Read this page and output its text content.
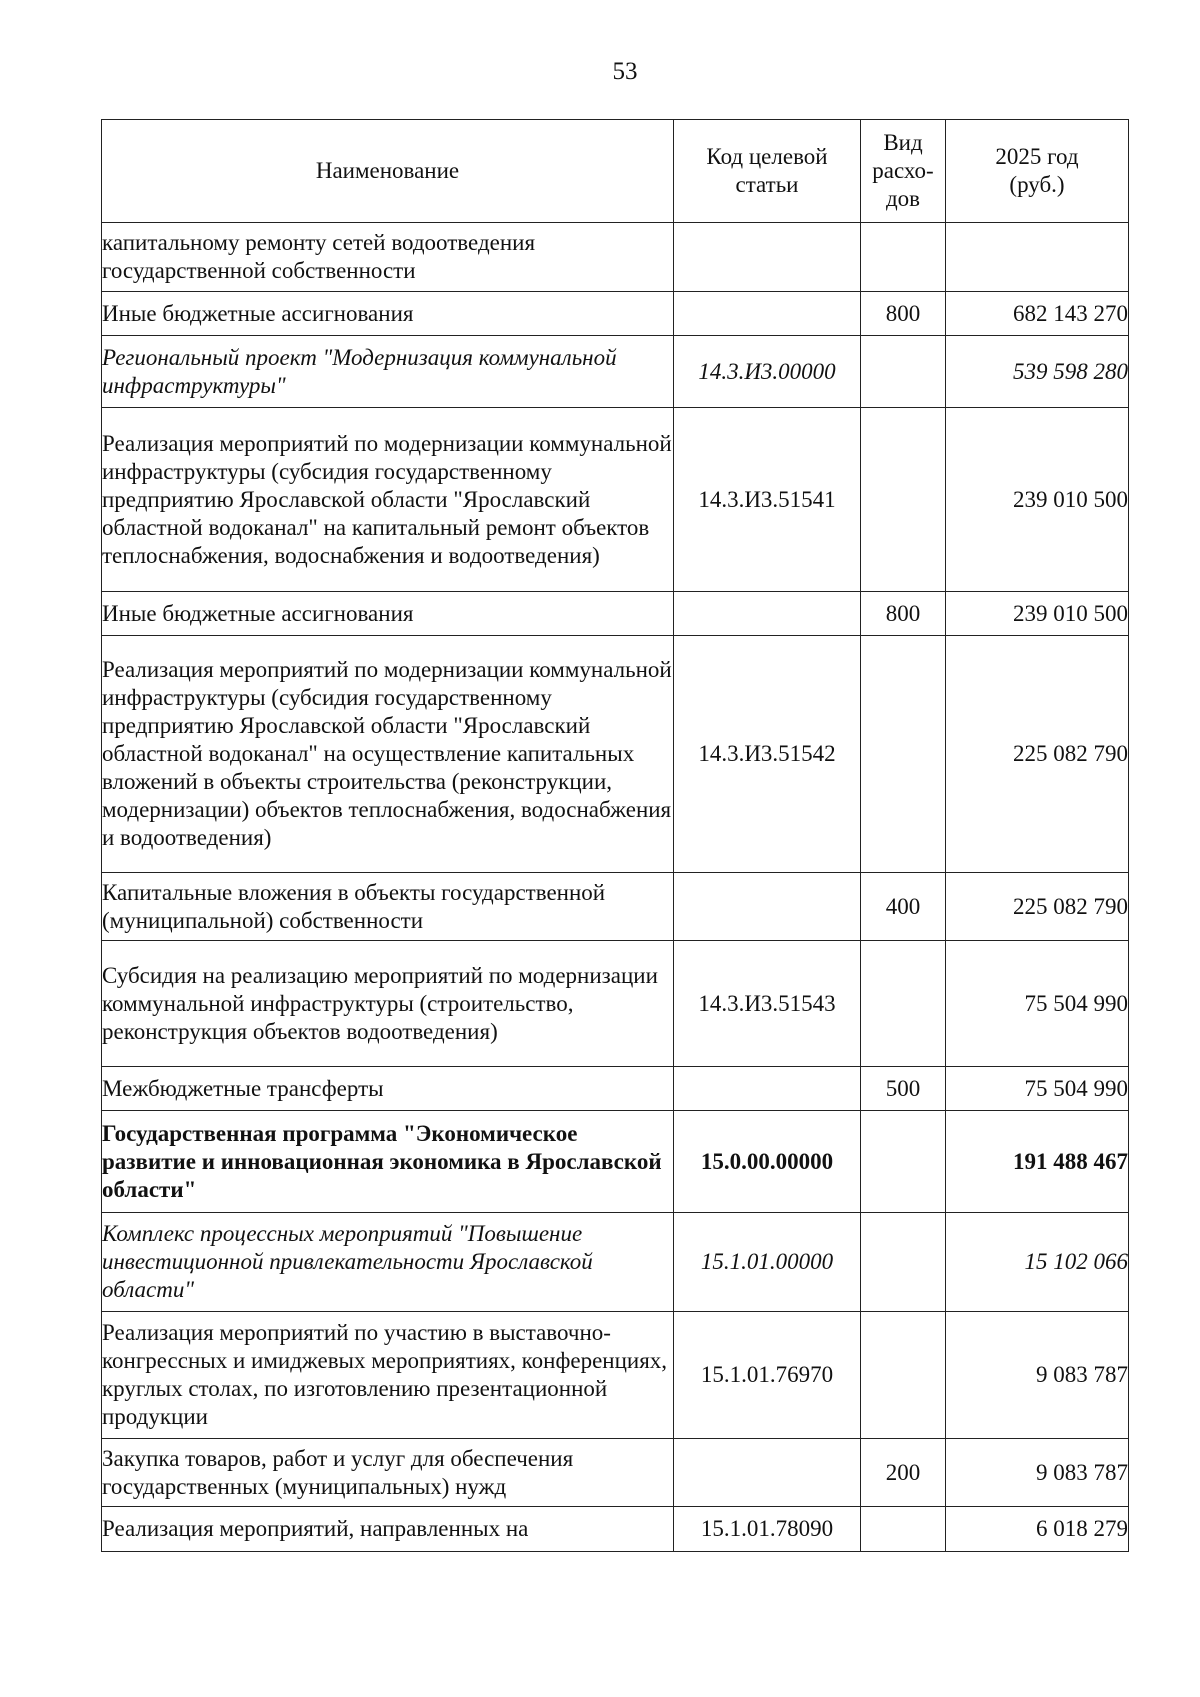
53
Наименование	Код целевой статьи	Вид расхо-дов	2025 год (руб.)
капитальному ремонту сетей водоотведения государственной собственности			
Иные бюджетные ассигнования		800	682 143 270
Региональный проект "Модернизация коммунальной инфраструктуры"	14.3.И3.00000		539 598 280
Реализация мероприятий по модернизации коммунальной инфраструктуры (субсидия государственному предприятию Ярославской области "Ярославский областной водоканал" на капитальный ремонт объектов теплоснабжения, водоснабжения и водоотведения)	14.3.И3.51541		239 010 500
Иные бюджетные ассигнования		800	239 010 500
Реализация мероприятий по модернизации коммунальной инфраструктуры (субсидия государственному предприятию Ярославской области "Ярославский областной водоканал" на осуществление капитальных вложений в объекты строительства (реконструкции, модернизации) объектов теплоснабжения, водоснабжения и водоотведения)	14.3.И3.51542		225 082 790
Капитальные вложения в объекты государственной (муниципальной) собственности		400	225 082 790
Субсидия на реализацию мероприятий по модернизации коммунальной инфраструктуры (строительство, реконструкция объектов водоотведения)	14.3.И3.51543		75 504 990
Межбюджетные трансферты		500	75 504 990
Государственная программа "Экономическое развитие и инновационная экономика в Ярославской области"	15.0.00.00000		191 488 467
Комплекс процессных мероприятий "Повышение инвестиционной привлекательности Ярославской области"	15.1.01.00000		15 102 066
Реализация мероприятий по участию в выставочно-конгрессных и имиджевых мероприятиях, конференциях, круглых столах, по изготовлению презентационной продукции	15.1.01.76970		9 083 787
Закупка товаров, работ и услуг для обеспечения государственных (муниципальных) нужд		200	9 083 787
Реализация мероприятий, направленных на	15.1.01.78090		6 018 279
